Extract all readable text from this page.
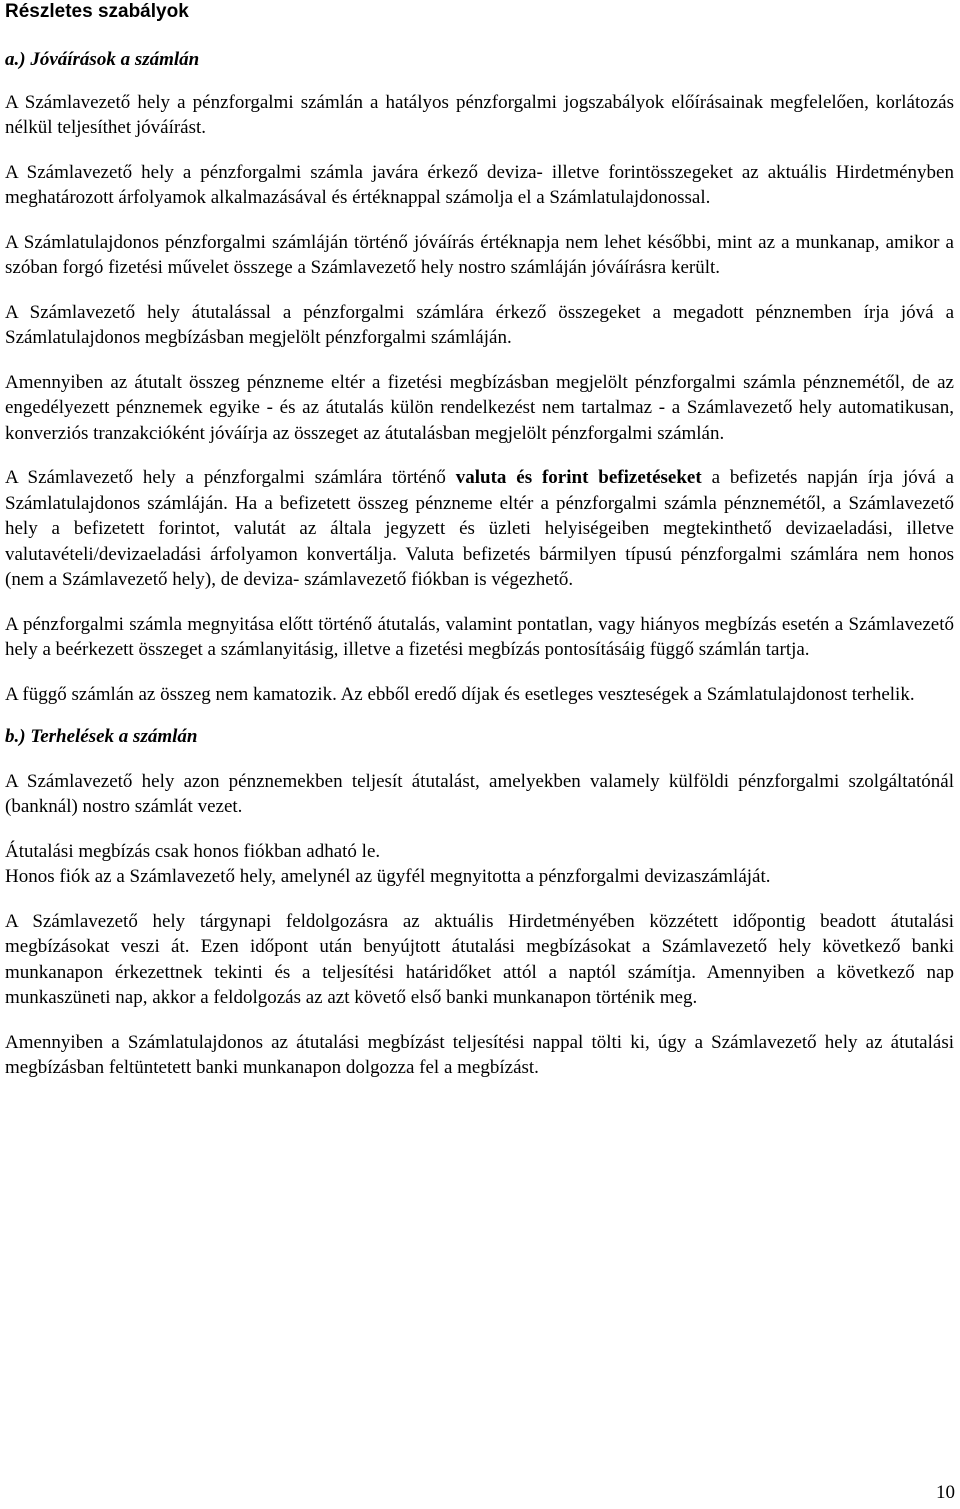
Részletes szabályok

a.) Jóváírások a számlán

A Számlavezető hely a pénzforgalmi számlán a hatályos pénzforgalmi jogszabályok előírásainak megfelelően, korlátozás nélkül teljesíthet jóváírást.

A Számlavezető hely a pénzforgalmi számla javára érkező deviza- illetve forintösszegeket az aktuális Hirdetményben meghatározott árfolyamok alkalmazásával és értéknappal számolja el a Számlatulajdonossal.

A Számlatulajdonos pénzforgalmi számláján történő jóváírás értéknapja nem lehet későbbi, mint az a munkanap, amikor a szóban forgó fizetési művelet összege a Számlavezető hely nostro számláján jóváírásra került.

A Számlavezető hely átutalással a pénzforgalmi számlára érkező összegeket a megadott pénznemben írja jóvá a Számlatulajdonos megbízásban megjelölt pénzforgalmi számláján.

Amennyiben az átutalt összeg pénzneme eltér a fizetési megbízásban megjelölt pénzforgalmi számla pénznemétől, de az engedélyezett pénznemek egyike - és az átutalás külön rendelkezést nem tartalmaz - a Számlavezető hely automatikusan, konverziós tranzakcióként jóváírja az összeget az átutalásban megjelölt pénzforgalmi számlán.

A Számlavezető hely a pénzforgalmi számlára történő valuta és forint befizetéseket a befizetés napján írja jóvá a Számlatulajdonos számláján. Ha a befizetett összeg pénzneme eltér a pénzforgalmi számla pénznemétől, a Számlavezető hely a befizetett forintot, valutát az általa jegyzett és üzleti helyiségeiben megtekinthető devizaeladási, illetve valutavételi/devizaeladási árfolyamon konvertálja. Valuta befizetés bármilyen típusú pénzforgalmi számlára nem honos (nem a Számlavezető hely), de deviza- számlavezető fiókban is végezhető.

A pénzforgalmi számla megnyitása előtt történő átutalás, valamint pontatlan, vagy hiányos megbízás esetén a Számlavezető hely a beérkezett összeget a számlanyitásig, illetve a fizetési megbízás pontosításáig függő számlán tartja.

A függő számlán az összeg nem kamatozik. Az ebből eredő díjak és esetleges veszteségek a Számlatulajdonost terhelik.

b.) Terhelések a számlán

A Számlavezető hely azon pénznemekben teljesít átutalást, amelyekben valamely külföldi pénzforgalmi szolgáltatónál (banknál) nostro számlát vezet.

Átutalási megbízás csak honos fiókban adható le.

Honos fiók az a Számlavezető hely, amelynél az ügyfél megnyitotta a pénzforgalmi devizaszámláját.

A Számlavezető hely tárgynapi feldolgozásra az aktuális Hirdetményében közzétett időpontig beadott átutalási megbízásokat veszi át. Ezen időpont után benyújtott átutalási megbízásokat a Számlavezető hely következő banki munkanapon érkezettnek tekinti és a teljesítési határidőket attól a naptól számítja. Amennyiben a következő nap munkaszüneti nap, akkor a feldolgozás az azt követő első banki munkanapon történik meg.

Amennyiben a Számlatulajdonos az átutalási megbízást teljesítési nappal tölti ki, úgy a Számlavezető hely az átutalási megbízásban feltüntetett banki munkanapon dolgozza fel a megbízást.

10
